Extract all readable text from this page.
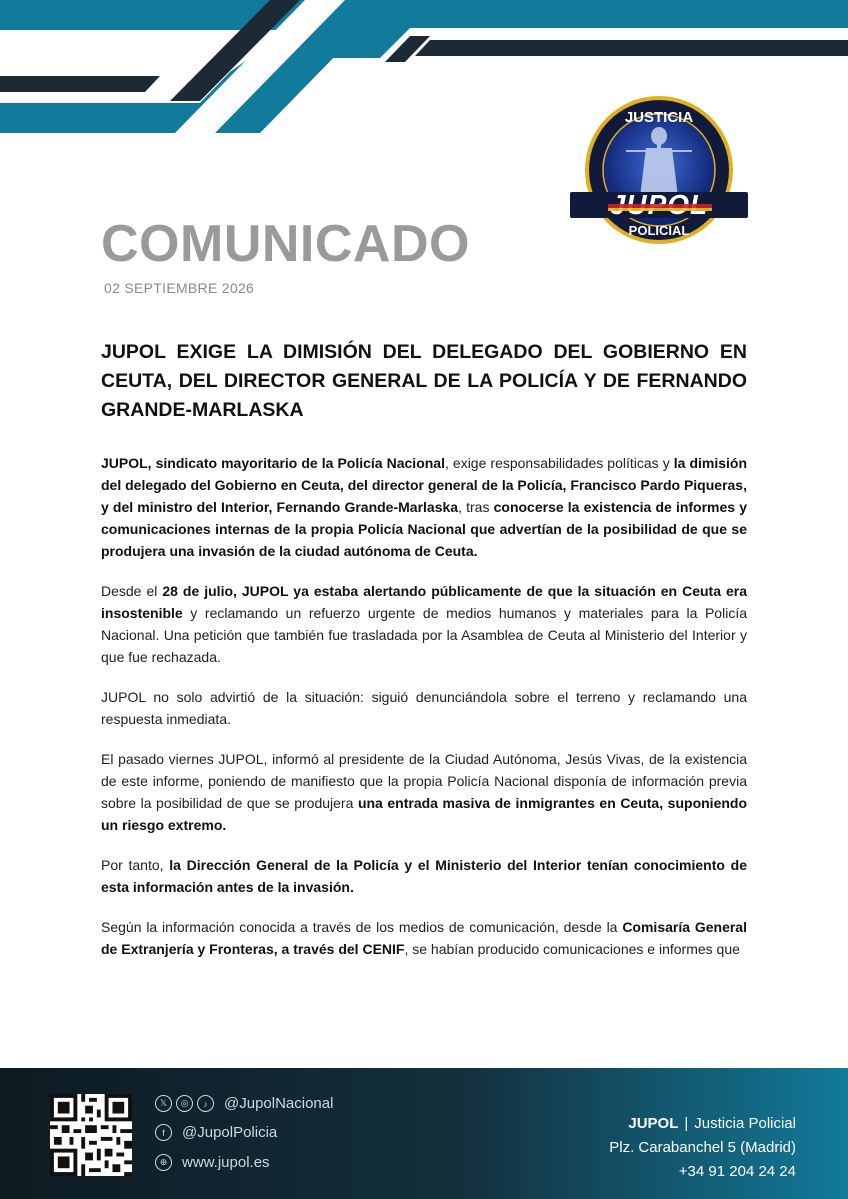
JUSTICIA
POLICIAL
COMUNICADO
02 SEPTIEMBRE 2026
JUPOL EXIGE LA DIMISIÓN DEL DELEGADO DEL GOBIERNO EN CEUTA, DEL DIRECTOR GENERAL DE LA POLICÍA Y DE FERNANDO GRANDE-MARLASKA

JUPOL, sindicato mayoritario de la Policía Nacional, exige responsabilidades políticas y la dimisión del delegado del Gobierno en Ceuta, del director general de la Policía, Francisco Pardo Piqueras, y del ministro del Interior, Fernando Grande-Marlaska, tras conocerse la existencia de informes y comunicaciones internas de la propia Policía Nacional que advertían de la posibilidad de que se produjera una invasión de la ciudad autónoma de Ceuta.

Desde el 28 de julio, JUPOL ya estaba alertando públicamente de que la situación en Ceuta era insostenible y reclamando un refuerzo urgente de medios humanos y materiales para la Policía Nacional. Una petición que también fue trasladada por la Asamblea de Ceuta al Ministerio del Interior y que fue rechazada.

JUPOL no solo advirtió de la situación: siguió denunciándola sobre el terreno y reclamando una respuesta inmediata.

El pasado viernes JUPOL, informó al presidente de la Ciudad Autónoma, Jesús Vivas, de la existencia de este informe, poniendo de manifiesto que la propia Policía Nacional disponía de información previa sobre la posibilidad de que se produjera una entrada masiva de inmigrantes en Ceuta, suponiendo un riesgo extremo.

Por tanto, la Dirección General de la Policía y el Ministerio del Interior tenían conocimiento de esta información antes de la invasión.

Según la información conocida a través de los medios de comunicación, desde la Comisaría General de Extranjería y Fronteras, a través del CENIF, se habían producido comunicaciones e informes que

𝕏	◎	♪	@JupolNacional
f	@JupolPolicia
⊕ www.jupol.es
JUPOL | Justicia Policial
Plz. Carabanchel 5 (Madrid)
+34 91 204 24 24
